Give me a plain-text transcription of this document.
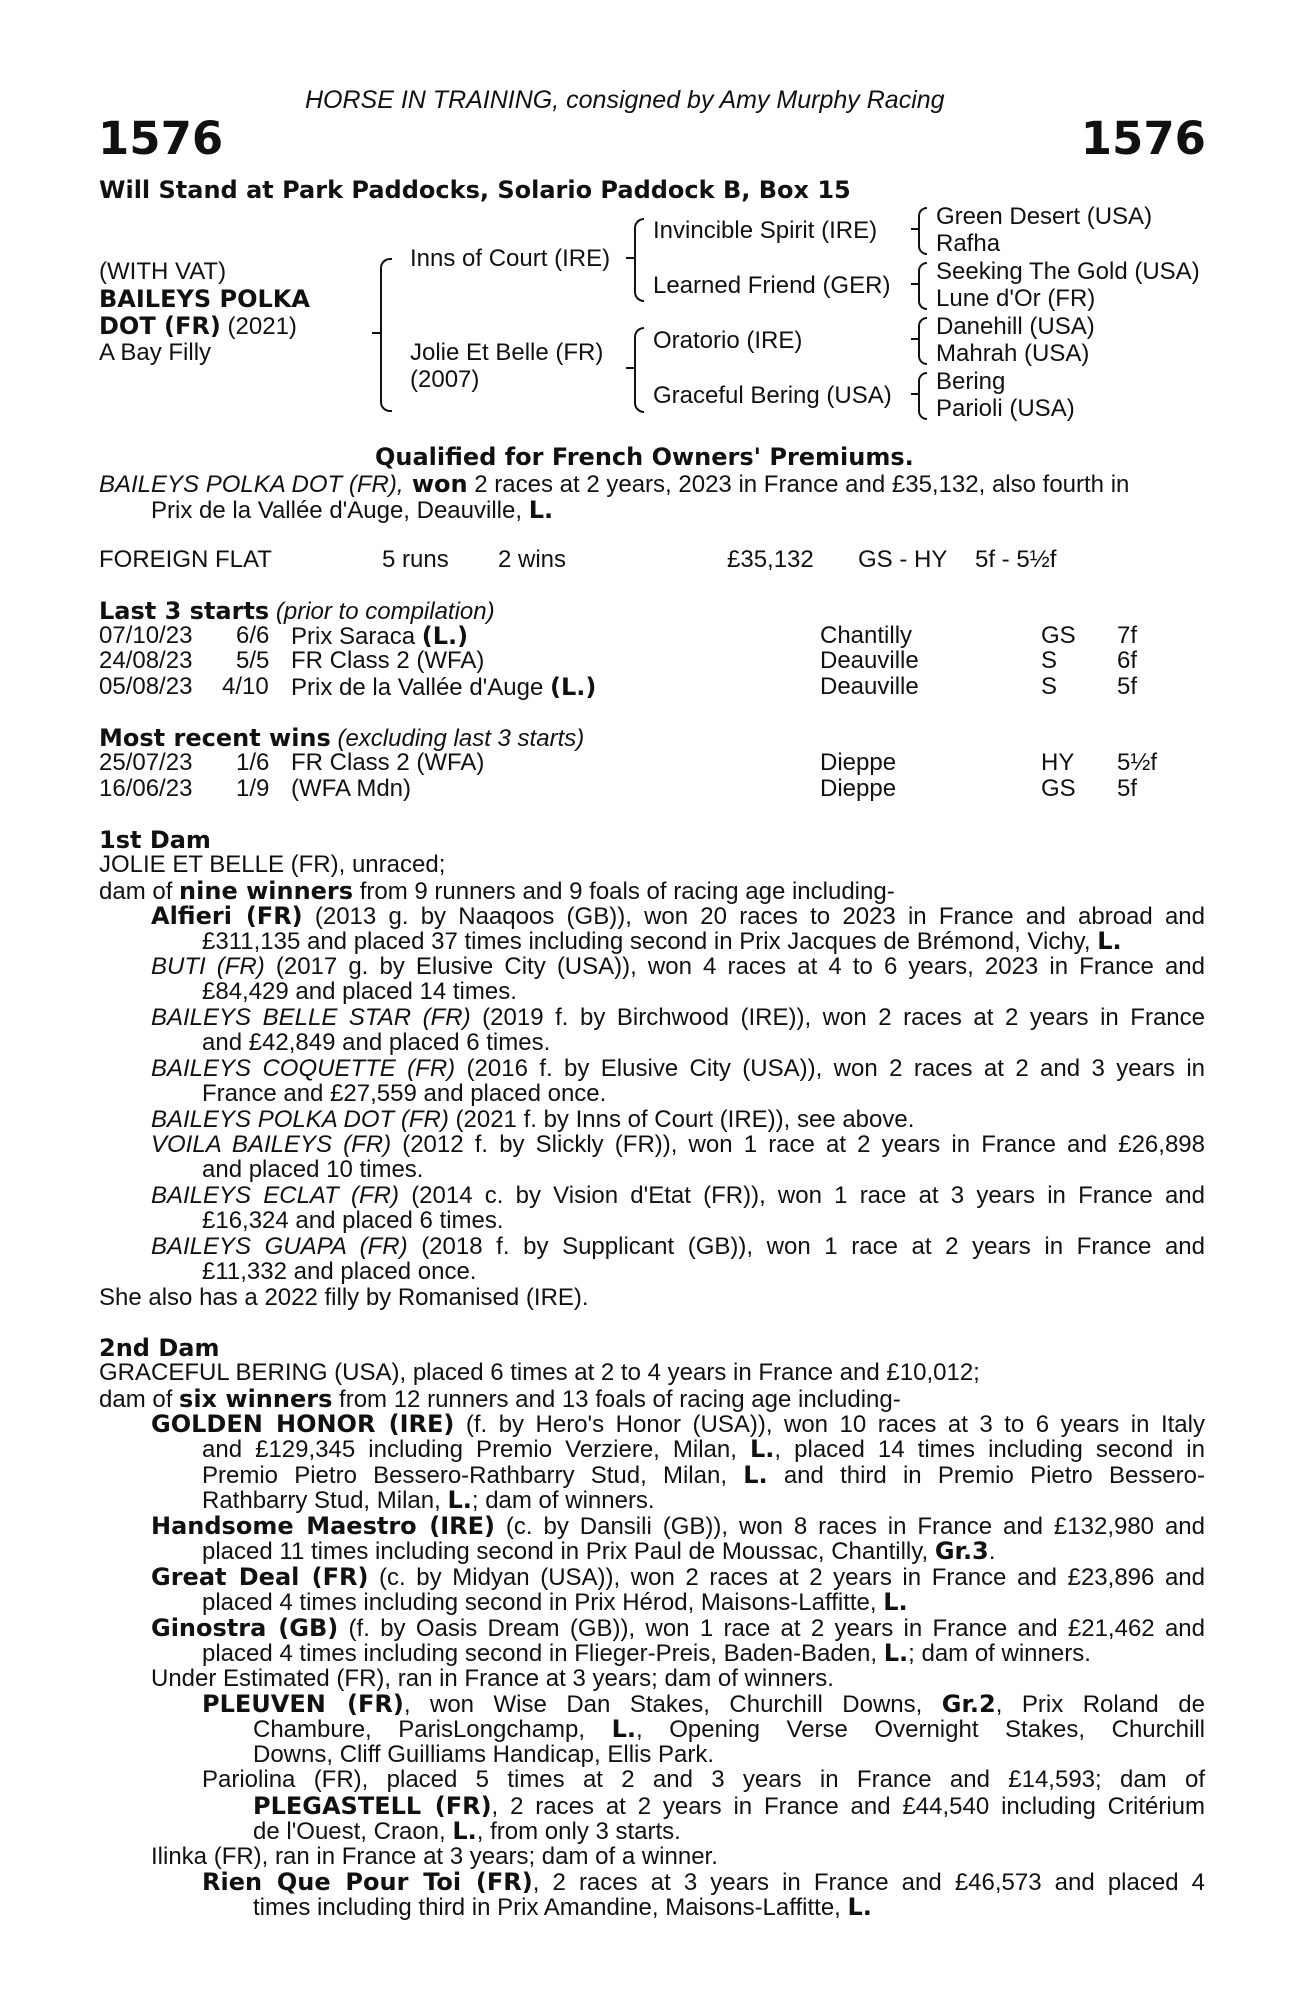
HORSE IN TRAINING, consigned by Amy Murphy Racing
1576	1576
Will Stand at Park Paddocks, Solario Paddock B, Box 15
(WITH VAT)
BAILEYS POLKA
DOT (FR) (2021)
A Bay Filly
Inns of Court (IRE)
Jolie Et Belle (FR)
(2007)
Invincible Spirit (IRE)
Learned Friend (GER)
Oratorio (IRE)
Graceful Bering (USA)
Green Desert (USA)
Rafha
Seeking The Gold (USA)
Lune d'Or (FR)
Danehill (USA)
Mahrah (USA)
Bering
Parioli (USA)
Qualified for French Owners' Premiums.
BAILEYS POLKA DOT (FR), won 2 races at 2 years, 2023 in France and £35,132, also fourth in
Prix de la Vallée d'Auge, Deauville, L.
FOREIGN FLAT	5 runs 2 wins	£35,132 GS - HY 5f - 5½f
Last 3 starts (prior to compilation)
07/10/23 6/6 Prix Saraca (L.)	Chantilly	GS 7f
24/08/23 5/5 FR Class 2 (WFA)	Deauville	S 6f
05/08/23 4/10 Prix de la Vallée d'Auge (L.)	Deauville	S 5f
Most recent wins (excluding last 3 starts)
25/07/23 1/6 FR Class 2 (WFA)	Dieppe	HY 5½f
16/06/23 1/9 (WFA Mdn)	Dieppe	GS 5f
1st Dam
JOLIE ET BELLE (FR), unraced;
dam of nine winners from 9 runners and 9 foals of racing age including-
Alfieri (FR) (2013 g. by Naaqoos (GB)), won 20 races to 2023 in France and abroad and
£311,135 and placed 37 times including second in Prix Jacques de Brémond, Vichy, L.
BUTI (FR) (2017 g. by Elusive City (USA)), won 4 races at 4 to 6 years, 2023 in France and
£84,429 and placed 14 times.
BAILEYS BELLE STAR (FR) (2019 f. by Birchwood (IRE)), won 2 races at 2 years in France
and £42,849 and placed 6 times.
BAILEYS COQUETTE (FR) (2016 f. by Elusive City (USA)), won 2 races at 2 and 3 years in
France and £27,559 and placed once.
BAILEYS POLKA DOT (FR) (2021 f. by Inns of Court (IRE)), see above.
VOILA BAILEYS (FR) (2012 f. by Slickly (FR)), won 1 race at 2 years in France and £26,898
and placed 10 times.
BAILEYS ECLAT (FR) (2014 c. by Vision d'Etat (FR)), won 1 race at 3 years in France and
£16,324 and placed 6 times.
BAILEYS GUAPA (FR) (2018 f. by Supplicant (GB)), won 1 race at 2 years in France and
£11,332 and placed once.
She also has a 2022 filly by Romanised (IRE).
2nd Dam
GRACEFUL BERING (USA), placed 6 times at 2 to 4 years in France and £10,012;
dam of six winners from 12 runners and 13 foals of racing age including-
GOLDEN HONOR (IRE) (f. by Hero's Honor (USA)), won 10 races at 3 to 6 years in Italy
and £129,345 including Premio Verziere, Milan, L., placed 14 times including second in
Premio Pietro Bessero-Rathbarry Stud, Milan, L. and third in Premio Pietro Bessero-
Rathbarry Stud, Milan, L.; dam of winners.
Handsome Maestro (IRE) (c. by Dansili (GB)), won 8 races in France and £132,980 and
placed 11 times including second in Prix Paul de Moussac, Chantilly, Gr.3.
Great Deal (FR) (c. by Midyan (USA)), won 2 races at 2 years in France and £23,896 and
placed 4 times including second in Prix Hérod, Maisons-Laffitte, L.
Ginostra (GB) (f. by Oasis Dream (GB)), won 1 race at 2 years in France and £21,462 and
placed 4 times including second in Flieger-Preis, Baden-Baden, L.; dam of winners.
Under Estimated (FR), ran in France at 3 years; dam of winners.
PLEUVEN (FR), won Wise Dan Stakes, Churchill Downs, Gr.2, Prix Roland de
Chambure, ParisLongchamp, L., Opening Verse Overnight Stakes, Churchill
Downs, Cliff Guilliams Handicap, Ellis Park.
Pariolina (FR), placed 5 times at 2 and 3 years in France and £14,593; dam of
PLEGASTELL (FR), 2 races at 2 years in France and £44,540 including Critérium
de l'Ouest, Craon, L., from only 3 starts.
Ilinka (FR), ran in France at 3 years; dam of a winner.
Rien Que Pour Toi (FR), 2 races at 3 years in France and £46,573 and placed 4
times including third in Prix Amandine, Maisons-Laffitte, L.
